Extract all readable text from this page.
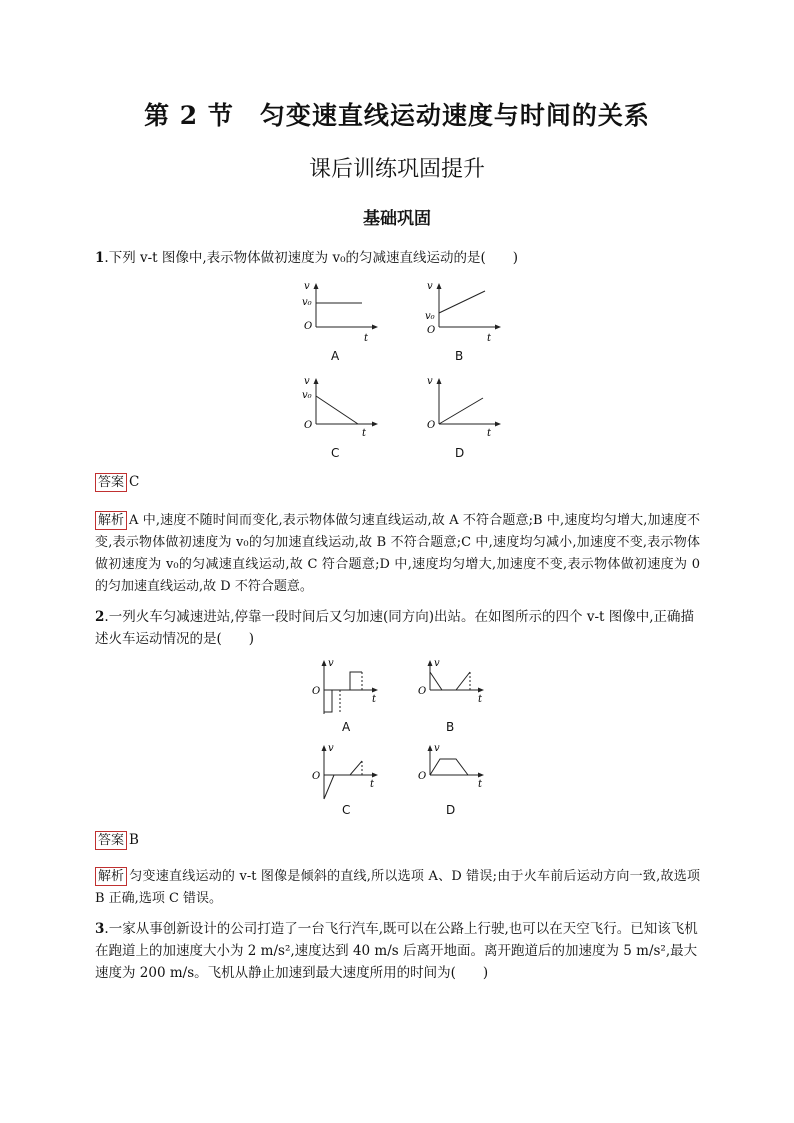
第 2 节　匀变速直线运动速度与时间的关系
课后训练巩固提升
基础巩固
1.下列 v-t 图像中,表示物体做初速度为 v₀的匀减速直线运动的是(　　)
v
v₀
O
t
A
v
v₀
O
t
B
v
v₀
O
t
C
v
O
t
D
答案 C
解析 A 中,速度不随时间而变化,表示物体做匀速直线运动,故 A 不符合题意;B 中,速度均匀增大,加速度不变,表示物体做初速度为 v₀的匀加速直线运动,故 B 不符合题意;C 中,速度均匀减小,加速度不变,表示物体做初速度为 v₀的匀减速直线运动,故 C 符合题意;D 中,速度均匀增大,加速度不变,表示物体做初速度为 0 的匀加速直线运动,故 D 不符合题意。
2.一列火车匀减速进站,停靠一段时间后又匀加速(同方向)出站。在如图所示的四个 v-t 图像中,正确描述火车运动情况的是(　　)
v
O
t
A
v
O
t
B
v
O
t
C
v
O
t
D
答案 B
解析 匀变速直线运动的 v-t 图像是倾斜的直线,所以选项 A、D 错误;由于火车前后运动方向一致,故选项 B 正确,选项 C 错误。
3.一家从事创新设计的公司打造了一台飞行汽车,既可以在公路上行驶,也可以在天空飞行。已知该飞机在跑道上的加速度大小为 2 m/s²,速度达到 40 m/s 后离开地面。离开跑道后的加速度为 5 m/s²,最大速度为 200 m/s。飞机从静止加速到最大速度所用的时间为(　　)
